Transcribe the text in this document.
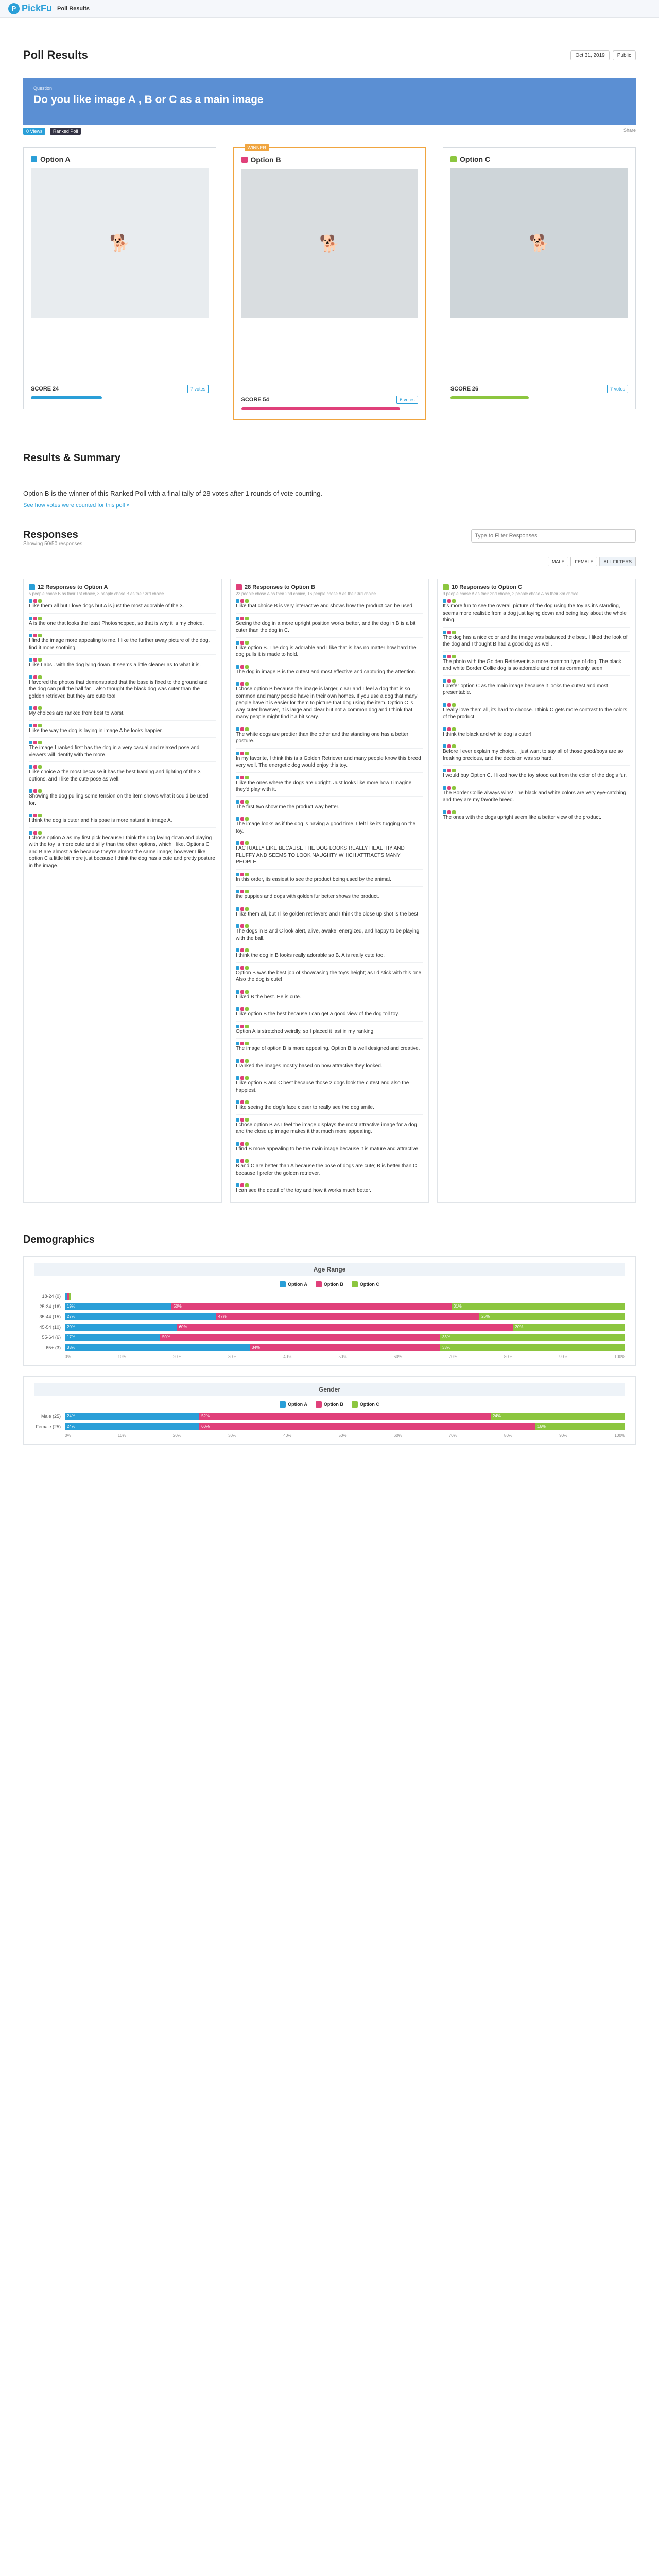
P PickFu Poll Results
Poll Results	Oct 31, 2019	Public
Question
Do you like image A , B or C as a main image
0 Views Ranked Poll	Share
Option A
🐕
SCORE 24	7 votes
WINNER
Option B
🐕
SCORE 54	6 votes
Option C
🐕
SCORE 26	7 votes
Results & Summary
Option B is the winner of this Ranked Poll with a final tally of 28 votes after 1 rounds of vote counting.
See how votes were counted for this poll »
Responses
Showing 50/50 responses
Type to Filter Responses
MALE	FEMALE	ALL FILTERS
12 Responses to Option A
5 people chose B as their 1st choice, 3 people chose B as their 3rd choice
I like them all but I love dogs but A is just the most adorable of the 3.
A is the one that looks the least Photoshopped, so that is why it is my choice.
I find the image more appealing to me. I like the further away picture of the dog. I find it more soothing.
I like Labs.. with the dog lying down. It seems a little cleaner as to what it is.
I favored the photos that demonstrated that the base is fixed to the ground and the dog can pull the ball far. I also thought the black dog was cuter than the golden retriever, but they are cute too!
My choices are ranked from best to worst.
I like the way the dog is laying in image A he looks happier.
The image I ranked first has the dog in a very casual and relaxed pose and viewers will identify with the more.
I like choice A the most because it has the best framing and lighting of the 3 options, and I like the cute pose as well.
Showing the dog pulling some tension on the item shows what it could be used for.
I think the dog is cuter and his pose is more natural in image A.
I chose option A as my first pick because I think the dog laying down and playing with the toy is more cute and silly than the other options, which I like. Options C and B are almost a tie because they're almost the same image; however I like option C a little bit more just because I think the dog has a cute and pretty posture in the image.
28 Responses to Option B
22 people chose A as their 2nd choice, 16 people chose A as their 3rd choice
I like that choice B is very interactive and shows how the product can be used.
Seeing the dog in a more upright position works better, and the dog in B is a bit cuter than the dog in C.
I like option B. The dog is adorable and I like that is has no matter how hard the dog pulls it is made to hold.
The dog in image B is the cutest and most effective and capturing the attention.
I chose option B because the image is larger, clear and I feel a dog that is so common and many people have in their own homes. If you use a dog that many people have it is easier for them to picture that dog using the item. Option C is way cuter however, it is large and clear but not a common dog and I think that many people might find it a bit scary.
The white dogs are prettier than the other and the standing one has a better posture.
In my favorite, I think this is a Golden Retriever and many people know this breed very well. The energetic dog would enjoy this toy.
I like the ones where the dogs are upright. Just looks like more how I imagine they'd play with it.
The first two show me the product way better.
The image looks as if the dog is having a good time. I felt like its tugging on the toy.
I ACTUALLY LIKE BECAUSE THE DOG LOOKS REALLY HEALTHY AND FLUFFY AND SEEMS TO LOOK NAUGHTY WHICH ATTRACTS MANY PEOPLE.
In this order, its easiest to see the product being used by the animal.
the puppies and dogs with golden fur better shows the product.
I like them all, but I like golden retrievers and I think the close up shot is the best.
The dogs in B and C look alert, alive, awake, energized, and happy to be playing with the ball.
I think the dog in B looks really adorable so B. A is really cute too.
Option B was the best job of showcasing the toy's height; as I'd stick with this one. Also the dog is cute!
I liked B the best. He is cute.
I like option B the best because I can get a good view of the dog toll toy.
Option A is stretched weirdly, so I placed it last in my ranking.
The image of option B is more appealing. Option B is well designed and creative.
I ranked the images mostly based on how attractive they looked.
I like option B and C best because those 2 dogs look the cutest and also the happiest.
I like seeing the dog's face closer to really see the dog smile.
I chose option B as I feel the image displays the most attractive image for a dog and the close up image makes it that much more appealing.
I find B more appealing to be the main image because it is mature and attractive.
B and C are better than A because the pose of dogs are cute; B is better than C because I prefer the golden retriever.
I can see the detail of the toy and how it works much better.
10 Responses to Option C
9 people chose A as their 2nd choice, 2 people chose A as their 3rd choice
It's more fun to see the overall picture of the dog using the toy as it's standing, seems more realistic from a dog just laying down and being lazy about the whole thing.
The dog has a nice color and the image was balanced the best. I liked the look of the dog and I thought B had a good dog as well.
The photo with the Golden Retriever is a more common type of dog. The black and white Border Collie dog is so adorable and not as commonly seen.
I prefer option C as the main image because it looks the cutest and most presentable.
I really love them all, its hard to choose. I think C gets more contrast to the colors of the product!
I think the black and white dog is cuter!
Before I ever explain my choice, I just want to say all of those good/boys are so freaking precious, and the decision was so hard.
I would buy Option C. I liked how the toy stood out from the color of the dog's fur.
The Border Collie always wins! The black and white colors are very eye-catching and they are my favorite breed.
The ones with the dogs upright seem like a better view of the product.
Demographics
Age Range
Option A	Option B	Option C
18-24 (0)
25-34 (16)	19%	50%	31%
35-44 (15)	27%	47%	26%
45-54 (10)	20%	60%	20%
55-64 (6)	17%	50%	33%
65+ (3)	33%	34%	33%
0%	10%	20%	30%	40%	50%	60%	70%	80%	90%	100%
Gender
Option A	Option B	Option C
Male (25)	24%	52%	24%
Female (25)	24%	60%	16%
0%	10%	20%	30%	40%	50%	60%	70%	80%	90%	100%
